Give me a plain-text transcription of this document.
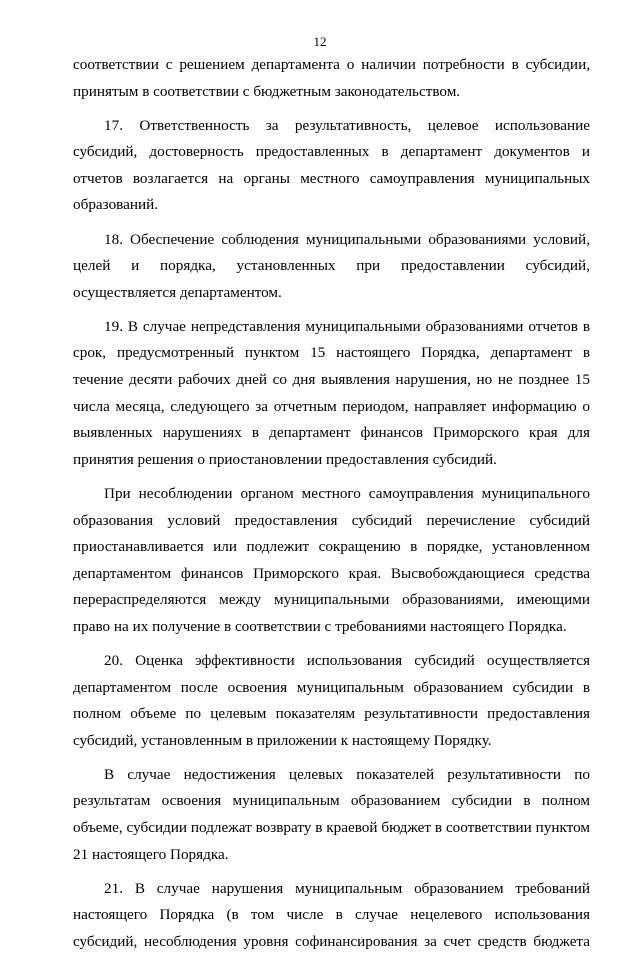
12

соответствии с решением департамента о наличии потребности в субсидии, принятым в соответствии с бюджетным законодательством.

17. Ответственность за результативность, целевое использование субсидий, достоверность предоставленных в департамент документов и отчетов возлагается на органы местного самоуправления муниципальных образований.

18. Обеспечение соблюдения муниципальными образованиями условий, целей и порядка, установленных при предоставлении субсидий, осуществляется департаментом.

19. В случае непредставления муниципальными образованиями отчетов в срок, предусмотренный пунктом 15 настоящего Порядка, департамент в течение десяти рабочих дней со дня выявления нарушения, но не позднее 15 числа месяца, следующего за отчетным периодом, направляет информацию о выявленных нарушениях в департамент финансов Приморского края для принятия решения о приостановлении предоставления субсидий.

При несоблюдении органом местного самоуправления муниципального образования условий предоставления субсидий перечисление субсидий приостанавливается или подлежит сокращению в порядке, установленном департаментом финансов Приморского края. Высвобождающиеся средства перераспределяются между муниципальными образованиями, имеющими право на их получение в соответствии с требованиями настоящего Порядка.

20. Оценка эффективности использования субсидий осуществляется департаментом после освоения муниципальным образованием субсидии в полном объеме по целевым показателям результативности предоставления субсидий, установленным в приложении к настоящему Порядку.

В случае недостижения целевых показателей результативности по результатам освоения муниципальным образованием субсидии в полном объеме, субсидии подлежат возврату в краевой бюджет в соответствии пунктом 21 настоящего Порядка.

21. В случае нарушения муниципальным образованием требований настоящего Порядка (в том числе в случае нецелевого использования субсидий, несоблюдения уровня софинансирования за счет средств бюджета
